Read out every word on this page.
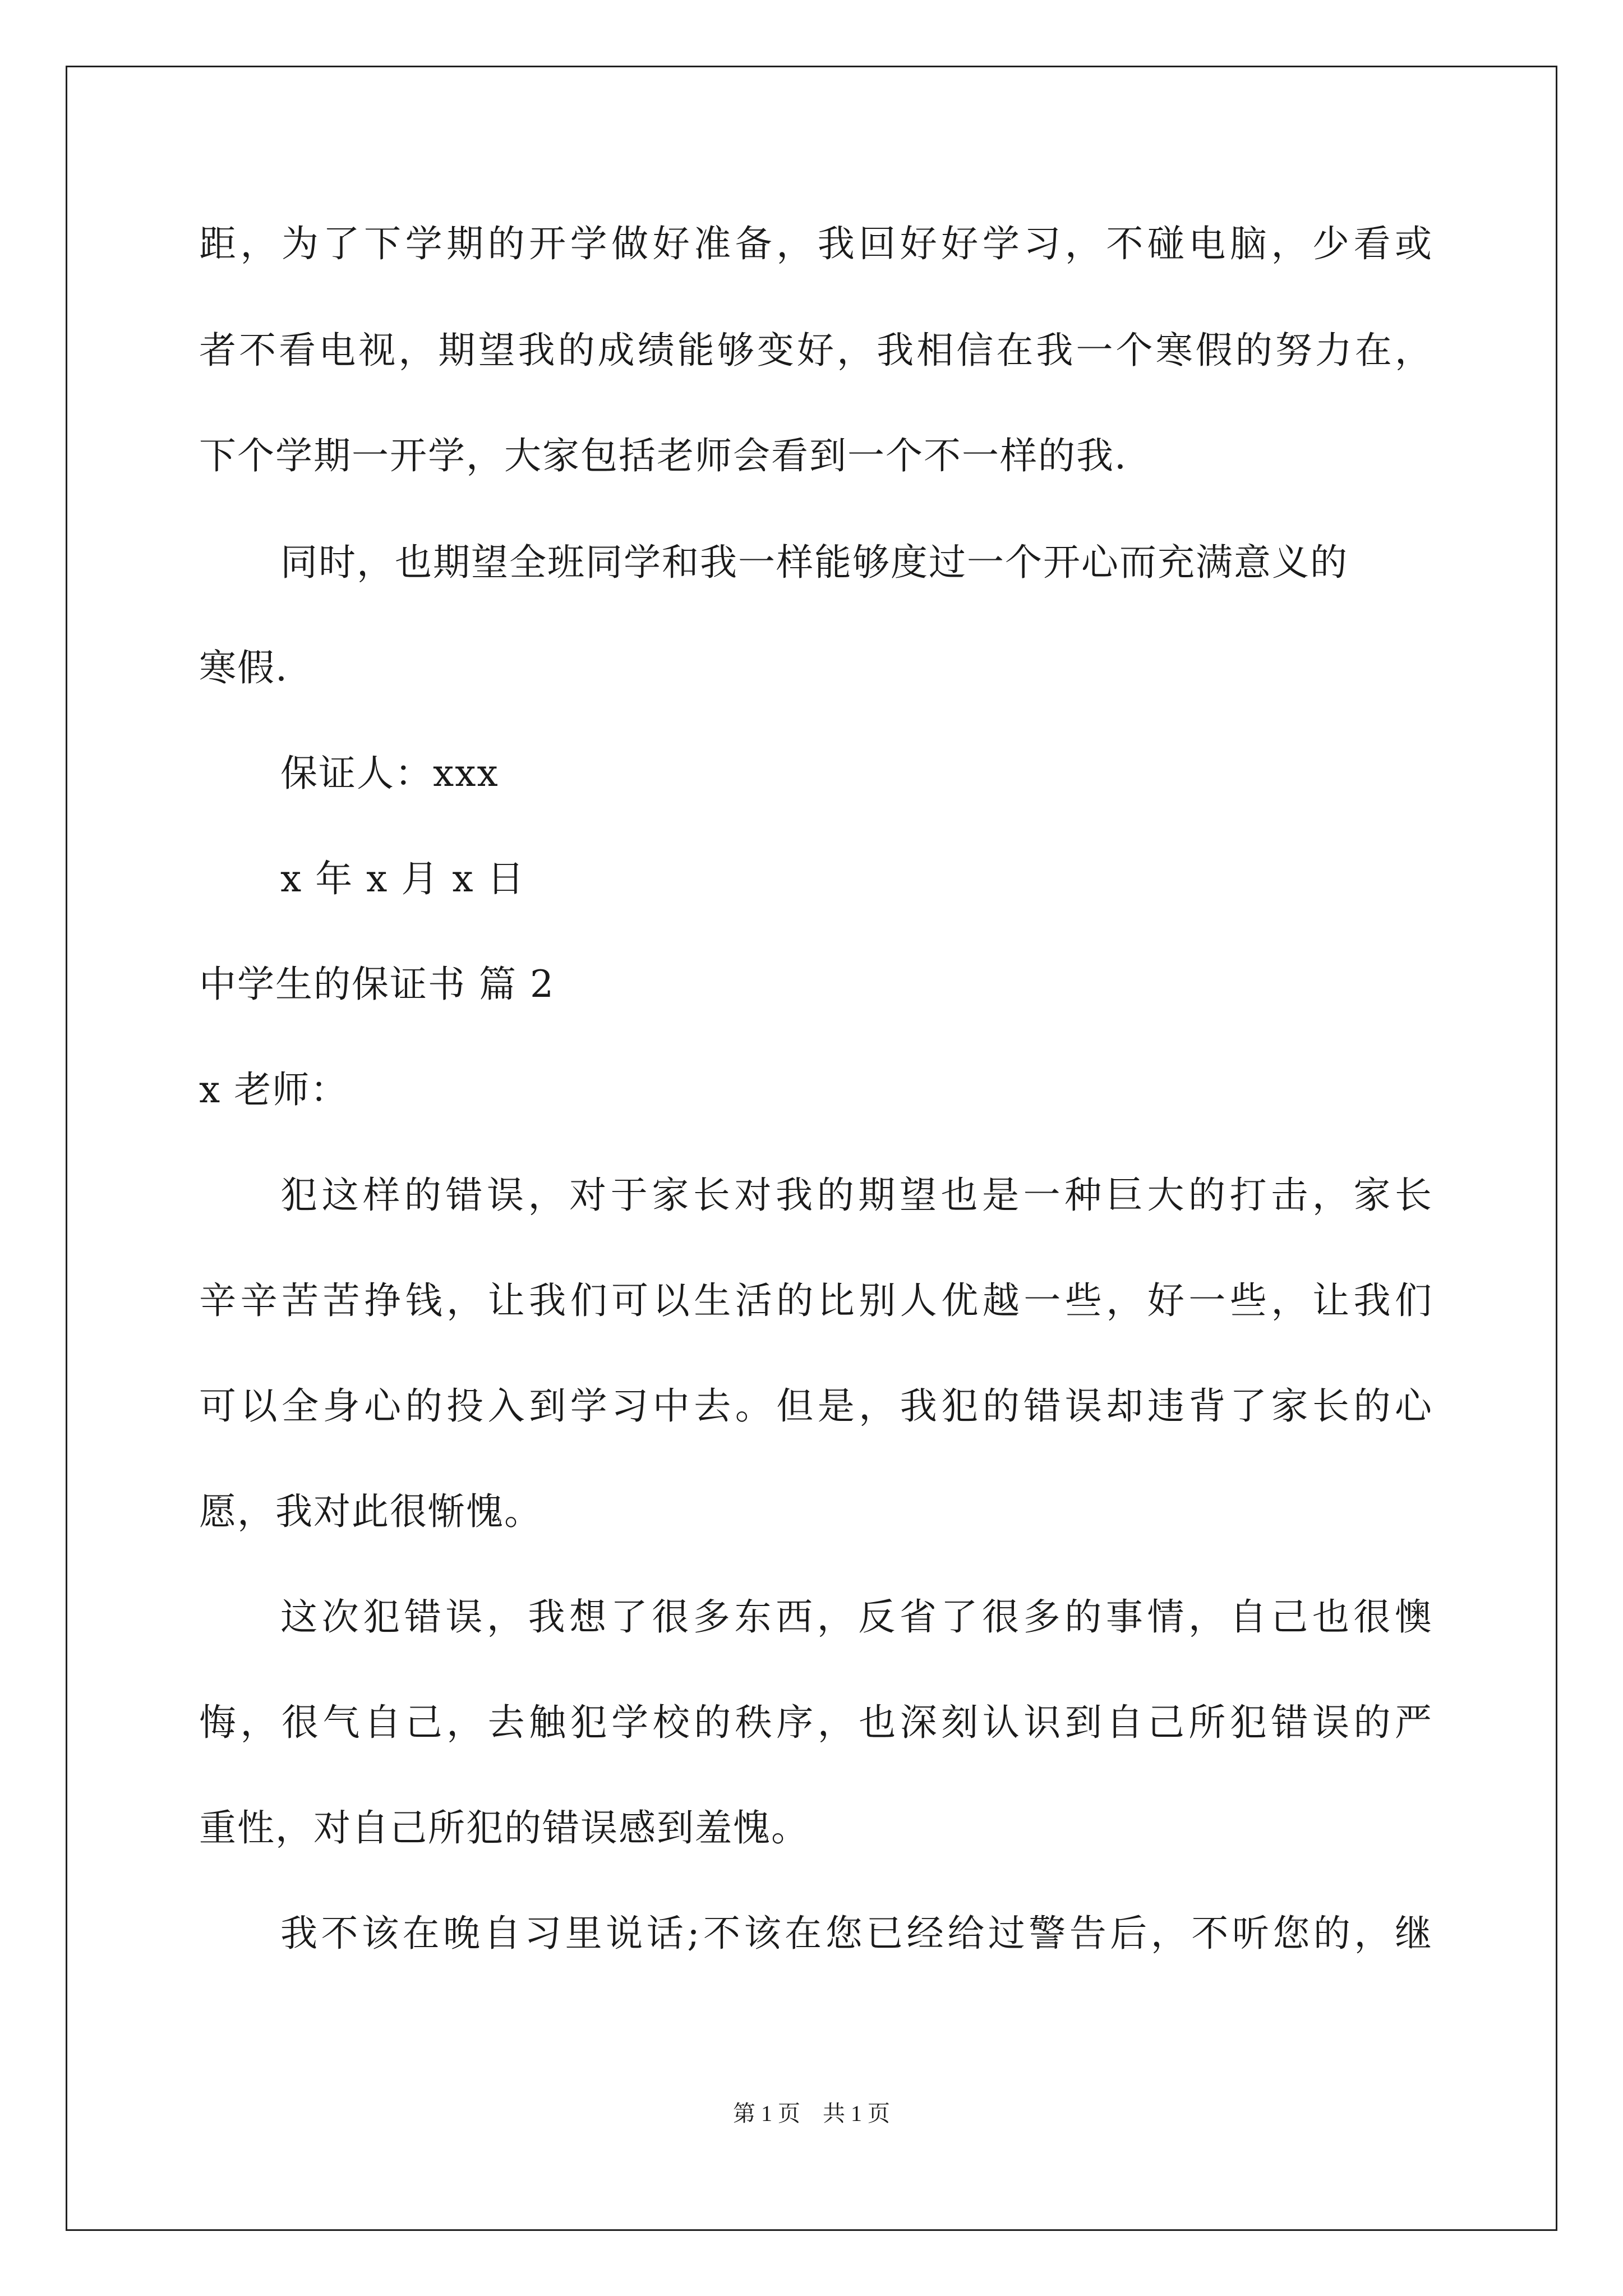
距，为了下学期的开学做好准备，我回好好学习，不碰电脑，少看或
者不看电视，期望我的成绩能够变好，我相信在我一个寒假的努力在，
下个学期一开学，大家包括老师会看到一个不一样的我.
同时，也期望全班同学和我一样能够度过一个开心而充满意义的
寒假.
保证人：xxx
x 年 x 月 x 日
中学生的保证书 篇 2
x 老师：
犯这样的错误，对于家长对我的期望也是一种巨大的打击，家长
辛辛苦苦挣钱，让我们可以生活的比别人优越一些，好一些，让我们
可以全身心的投入到学习中去。但是，我犯的错误却违背了家长的心
愿，我对此很惭愧。
这次犯错误，我想了很多东西，反省了很多的事情，自己也很懊
悔，很气自己，去触犯学校的秩序，也深刻认识到自己所犯错误的严
重性，对自己所犯的错误感到羞愧。
我不该在晚自习里说话;不该在您已经给过警告后，不听您的，继
第 1 页 共 1 页
